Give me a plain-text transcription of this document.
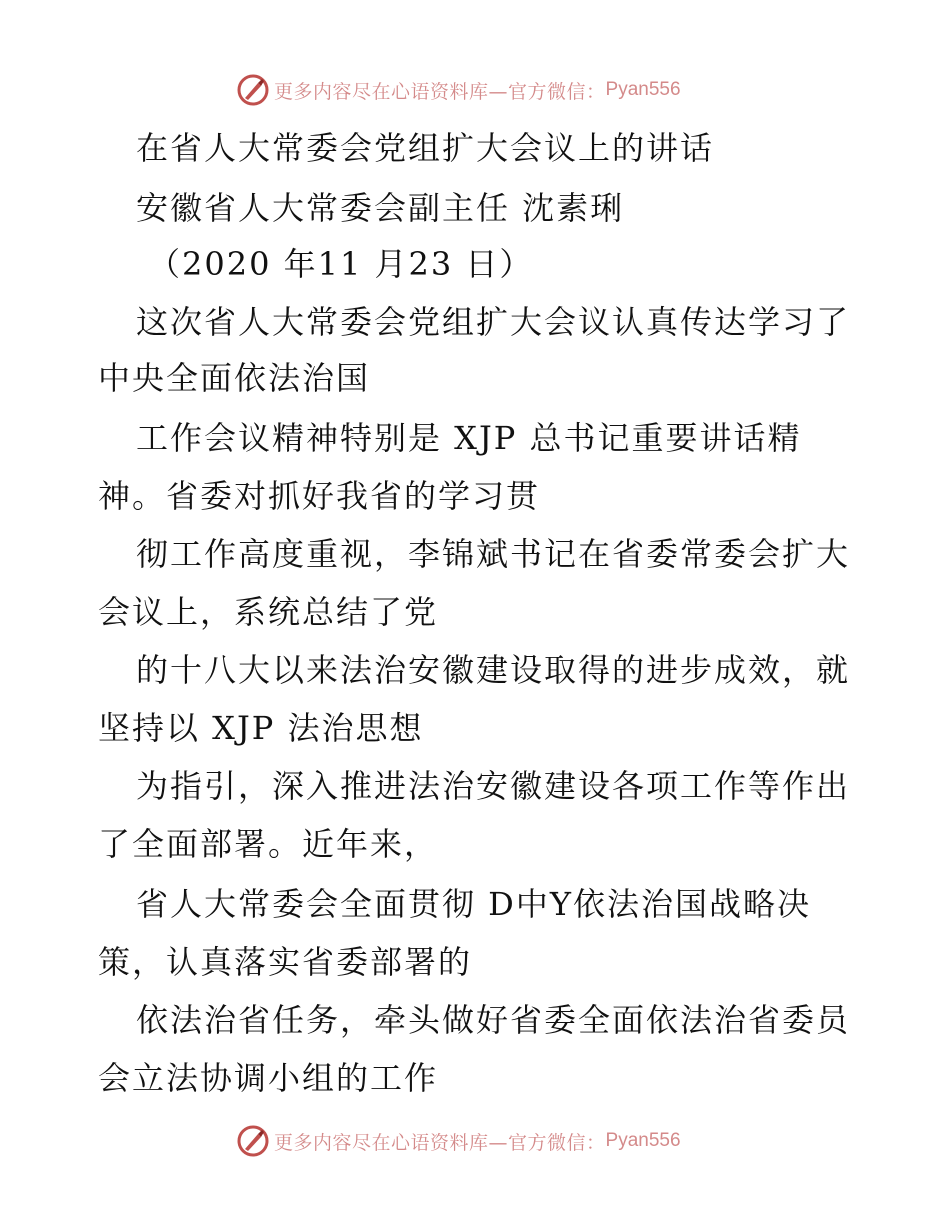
更多内容尽在心语资料库—官方微信： Pyan556
在省人大常委会党组扩大会议上的讲话
安徽省人大常委会副主任 沈素琍
（2020 年11 月23 日）
这次省人大常委会党组扩大会议认真传达学习了
中央全面依法治国
工作会议精神特别是 XJP 总书记重要讲话精
神。省委对抓好我省的学习贯
彻工作高度重视，李锦斌书记在省委常委会扩大
会议上，系统总结了党
的十八大以来法治安徽建设取得的进步成效，就
坚持以 XJP 法治思想
为指引，深入推进法治安徽建设各项工作等作出
了全面部署。近年来，
省人大常委会全面贯彻 D中Y依法治国战略决
策，认真落实省委部署的
依法治省任务，牵头做好省委全面依法治省委员
会立法协调小组的工作
更多内容尽在心语资料库—官方微信： Pyan556
